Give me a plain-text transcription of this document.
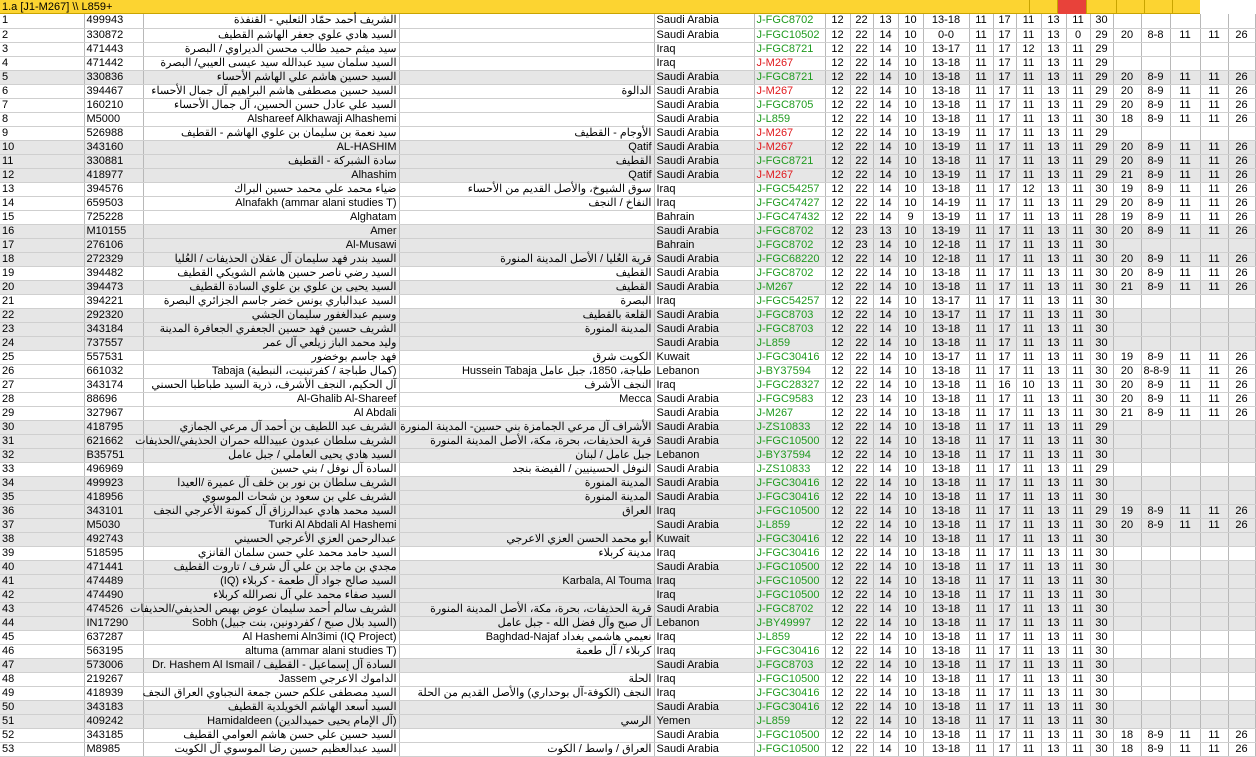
1.a [J1-M267] \\ L859+
1	499943	الشريف أحمد حمّاد الثعلبي - القنفذة		Saudi Arabia	J-FGC8702	12	22	13	10	13-18	11	17	11	13	11	30					
2	330872	السيد هادي علوي جعفر الهاشم القطيف		Saudi Arabia	J-FGC10502	12	22	14	10	0-0	11	17	11	13	0	29	20	8-8	11	11	26
3	471443	سيد ميثم حميد طالب محسن الديراوي / البصرة		Iraq	J-FGC8721	12	22	14	10	13-17	11	17	12	13	11	29					
4	471442	السيد سلمان سيد عبدالله سيد عيسى العيبي/ البصرة		Iraq	J-M267	12	22	14	10	13-18	11	17	11	13	11	29					
5	330836	السيد حسين هاشم علي الهاشم الأحساء		Saudi Arabia	J-FGC8721	12	22	14	10	13-18	11	17	11	13	11	29	20	8-9	11	11	26
6	394467	السيد حسين مصطفى هاشم البراهيم آل جمال الأحساء	الدالوة	Saudi Arabia	J-M267	12	22	14	10	13-18	11	17	11	13	11	29	20	8-9	11	11	26
7	160210	السيد علي عادل حسن الحسين، آل جمال الأحساء		Saudi Arabia	J-FGC8705	12	22	14	10	13-18	11	17	11	13	11	29	20	8-9	11	11	26
8	M5000	Alshareef Alkhawaji Alhashemi		Saudi Arabia	J-L859	12	22	14	10	13-18	11	17	11	13	11	30	18	8-9	11	11	26
9	526988	سيد نعمة بن سليمان بن علوي الهاشم - القطيف	الأوجام - القطيف	Saudi Arabia	J-M267	12	22	14	10	13-19	11	17	11	13	11	29					
10	343160	AL-HASHIM	Qatif	Saudi Arabia	J-M267	12	22	14	10	13-19	11	17	11	13	11	29	20	8-9	11	11	26
11	330881	سادة الشبركة - القطيف	القطيف	Saudi Arabia	J-FGC8721	12	22	14	10	13-18	11	17	11	13	11	29	20	8-9	11	11	26
12	418977	Alhashim	Qatif	Saudi Arabia	J-M267	12	22	14	10	13-19	11	17	11	13	11	29	21	8-9	11	11	26
13	394576	ضياء محمد علي محمد حسين البراك	سوق الشيوخ، والأصل القديم من الأحساء	Iraq	J-FGC54257	12	22	14	10	13-18	11	17	12	13	11	30	19	8-9	11	11	26
14	659503	Alnafakh (ammar alani studies T)	النفاخ / النجف	Iraq	J-FGC47427	12	22	14	10	14-19	11	17	11	13	11	29	20	8-9	11	11	26
15	725228	Alghatam		Bahrain	J-FGC47432	12	22	14	9	13-19	11	17	11	13	11	28	19	8-9	11	11	26
16	M10155	Amer		Saudi Arabia	J-FGC8702	12	23	13	10	13-19	11	17	11	13	11	30	20	8-9	11	11	26
17	276106	Al-Musawi		Bahrain	J-FGC8702	12	23	14	10	12-18	11	17	11	13	11	30					
18	272329	السيد بندر فهد سليمان آل عقلان الحذيفات / العُليا	قرية العُليا / الأصل المدينة المنورة	Saudi Arabia	J-FGC68220	12	22	14	10	12-18	11	17	11	13	11	30	20	8-9	11	11	26
19	394482	السيد رضي ناصر حسين هاشم الشويكي القطيف	القطيف	Saudi Arabia	J-FGC8702	12	22	14	10	13-18	11	17	11	13	11	30	20	8-9	11	11	26
20	394473	السيد يحيى بن علوي بن علوي السادة القطيف	القطيف	Saudi Arabia	J-M267	12	22	14	10	13-18	11	17	11	13	11	30	21	8-9	11	11	26
21	394221	السيد عبدالباري يونس خضر جاسم الجزائري البصرة	البصرة	Iraq	J-FGC54257	12	22	14	10	13-17	11	17	11	13	11	30					
22	292320	وسيم عبدالغفور سليمان الجشي	القلعة بالقطيف	Saudi Arabia	J-FGC8703	12	22	14	10	13-17	11	17	11	13	11	30					
23	343184	الشريف حسين فهد حسين الجعفري الجعافرة المدينة	المدينة المنورة	Saudi Arabia	J-FGC8703	12	22	14	10	13-18	11	17	11	13	11	30					
24	737557	وليد محمد الباز زيلعي آل عمر		Saudi Arabia	J-L859	12	22	14	10	13-18	11	17	11	13	11	30					
25	557531	فهد جاسم بوخضور	الكويت شرق	Kuwait	J-FGC30416	12	22	14	10	13-17	11	17	11	13	11	30	19	8-9	11	11	26
26	661032	Tabaja (كمال طباجة / كفرتبنيت، النبطية)	Hussein Tabaja طباجة، 1850، جبل عامل	Lebanon	J-BY37594	12	22	14	10	13-18	11	17	11	13	11	30	20	8-8-9	11	11	26
27	343174	آل الحكيم، النجف الأشرف، ذرية السيد طباطبا الحسني	النجف الأشرف	Iraq	J-FGC28327	12	22	14	10	13-18	11	16	10	13	11	30	20	8-9	11	11	26
28	88696	Al-Ghalib Al-Shareef	Mecca	Saudi Arabia	J-FGC9583	12	23	14	10	13-18	11	17	11	13	11	30	20	8-9	11	11	26
29	327967	Al Abdali		Saudi Arabia	J-M267	12	22	14	10	13-18	11	17	11	13	11	30	21	8-9	11	11	26
30	418795	الشريف عبد اللطيف بن أحمد آل مرعي الجمازي	الأشراف آل مرعي الجمامزة بني حسين- المدينة المنورة	Saudi Arabia	J-ZS10833	12	22	14	10	13-18	11	17	11	13	11	29					
31	621662	الشريف سلطان عبدون عبيدالله حمران الحذيفي/الحذيفات	قرية الحذيفات، بحرة، مكة، الأصل المدينة المنورة	Saudi Arabia	J-FGC10500	12	22	14	10	13-18	11	17	11	13	11	30					
32	B35751	السيد هادي يحيى العاملي / جبل عامل	جبل عامل / لبنان	Lebanon	J-BY37594	12	22	14	10	13-18	11	17	11	13	11	30					
33	496969	السادة آل نوفل / بني حسين	النوفل الحسينيين / الفيضة بنجد	Saudi Arabia	J-ZS10833	12	22	14	10	13-18	11	17	11	13	11	29					
34	499923	الشريف سلطان بن نور بن خلف آل عميرة /العيدا	المدينة المنورة	Saudi Arabia	J-FGC30416	12	22	14	10	13-18	11	17	11	13	11	30					
35	418956	الشريف علي بن سعود بن شحات الموسوي	المدينة المنورة	Saudi Arabia	J-FGC30416	12	22	14	10	13-18	11	17	11	13	11	30					
36	343101	السيد محمد هادي عبدالرزاق آل كمونة الأعرجي النجف	العراق	Iraq	J-FGC10500	12	22	14	10	13-18	11	17	11	13	11	29	19	8-9	11	11	26
37	M5030	Turki Al Abdali Al Hashemi		Saudi Arabia	J-L859	12	22	14	10	13-18	11	17	11	13	11	30	20	8-9	11	11	26
38	492743	عبدالرحمن العزي الأعرجي الحسيني	أبو محمد الحسن العزي الاعرجي	Kuwait	J-FGC30416	12	22	14	10	13-18	11	17	11	13	11	30					
39	518595	السيد حامد محمد علي حسن سلمان القانزي	مدينة كربلاء	Iraq	J-FGC30416	12	22	14	10	13-18	11	17	11	13	11	30					
40	471441	مجدي بن ماجد بن علي آل شرف / تاروت القطيف		Saudi Arabia	J-FGC10500	12	22	14	10	13-18	11	17	11	13	11	30					
41	474489	السيد صالح جواد آل طعمة - كربلاء (IQ)	Karbala, Al Touma	Iraq	J-FGC10500	12	22	14	10	13-18	11	17	11	13	11	30					
42	474490	السيد صفاء محمد علي آل نصرالله كربلاء		Iraq	J-FGC10500	12	22	14	10	13-18	11	17	11	13	11	30					
43	474526	الشريف سالم أحمد سليمان عوض بهيص الحذيفي/الحذيفات	قرية الحذيفات، بحرة، مكة، الأصل المدينة المنورة	Saudi Arabia	J-FGC8702	12	22	14	10	13-18	11	17	11	13	11	30					
44	IN17290	Sobh (السيد بلال صبح / كفردونين، بنت جبيل)	آل صبح وآل فضل الله - جبل عامل	Lebanon	J-BY49997	12	22	14	10	13-18	11	17	11	13	11	30					
45	637287	Al Hashemi Aln3imi (IQ Project)	Baghdad-Najaf نعيمي هاشمي بغداد	Iraq	J-L859	12	22	14	10	13-18	11	17	11	13	11	30					
46	563195	altuma (ammar alani studies T)	كربلاء / آل طعمة	Iraq	J-FGC30416	12	22	14	10	13-18	11	17	11	13	11	30					
47	573006	السادة آل إسماعيل - القطيف / Dr. Hashem Al Ismail		Saudi Arabia	J-FGC8703	12	22	14	10	13-18	11	17	11	13	11	30					
48	219267	الداموك الاعرجي Jassem	الحلة	Iraq	J-FGC10500	12	22	14	10	13-18	11	17	11	13	11	30					
49	418939	السيد مصطفى علكم حسن جمعة النجباوي العراق النجف	النجف (الكوفة-آل بوحداري) والأصل القديم من الحلة	Iraq	J-FGC30416	12	22	14	10	13-18	11	17	11	13	11	30					
50	343183	السيد أسعد الهاشم الخويلدية القطيف		Saudi Arabia	J-FGC30416	12	22	14	10	13-18	11	17	11	13	11	30					
51	409242	Hamidaldeen (آل الإمام يحيى حميدالدين)	الرسي	Yemen	J-L859	12	22	14	10	13-18	11	17	11	13	11	30					
52	343185	السيد حسين علي حسن هاشم العوامي القطيف		Saudi Arabia	J-FGC10500	12	22	14	10	13-18	11	17	11	13	11	30	18	8-9	11	11	26
53	M8985	السيد عبدالعظيم حسين رضا الموسوي آل الكويت	العراق / واسط / الكوت	Saudi Arabia	J-FGC10500	12	22	14	10	13-18	11	17	11	13	11	30	18	8-9	11	11	26
